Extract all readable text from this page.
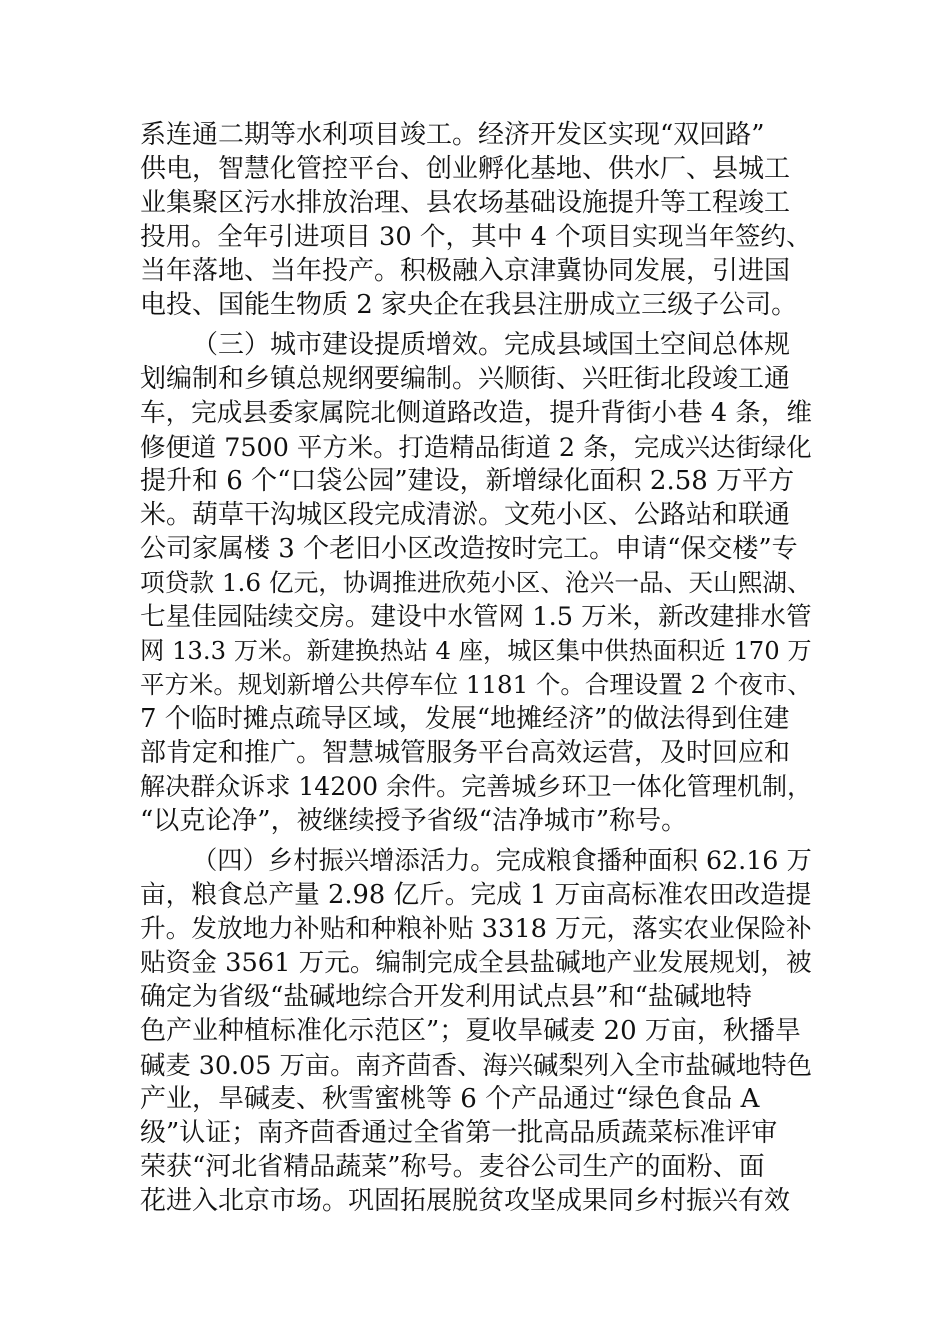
系连通二期等水利项目竣工。经济开发区实现“双回路”
供电，智慧化管控平台、创业孵化基地、供水厂、县城工
业集聚区污水排放治理、县农场基础设施提升等工程竣工
投用。全年引进项目 30 个，其中 4 个项目实现当年签约、
当年落地、当年投产。积极融入京津冀协同发展，引进国
电投、国能生物质 2 家央企在我县注册成立三级子公司。
（三）城市建设提质增效。完成县域国土空间总体规
划编制和乡镇总规纲要编制。兴顺街、兴旺街北段竣工通
车，完成县委家属院北侧道路改造，提升背街小巷 4 条，维
修便道 7500 平方米。打造精品街道 2 条，完成兴达街绿化
提升和 6 个“口袋公园”建设，新增绿化面积 2.58 万平方
米。葫草干沟城区段完成清淤。文苑小区、公路站和联通
公司家属楼 3 个老旧小区改造按时完工。申请“保交楼”专
项贷款 1.6 亿元，协调推进欣苑小区、沧兴一品、天山熙湖、
七星佳园陆续交房。建设中水管网 1.5 万米，新改建排水管
网 13.3 万米。新建换热站 4 座，城区集中供热面积近 170 万
平方米。规划新增公共停车位 1181 个。合理设置 2 个夜市、
7 个临时摊点疏导区域，发展“地摊经济”的做法得到住建
部肯定和推广。智慧城管服务平台高效运营，及时回应和
解决群众诉求 14200 余件。完善城乡环卫一体化管理机制，
“以克论净”，被继续授予省级“洁净城市”称号。
（四）乡村振兴增添活力。完成粮食播种面积 62.16 万
亩，粮食总产量 2.98 亿斤。完成 1 万亩高标准农田改造提
升。发放地力补贴和种粮补贴 3318 万元，落实农业保险补
贴资金 3561 万元。编制完成全县盐碱地产业发展规划，被
确定为省级“盐碱地综合开发利用试点县”和“盐碱地特
色产业种植标准化示范区”；夏收旱碱麦 20 万亩，秋播旱
碱麦 30.05 万亩。南齐茴香、海兴碱梨列入全市盐碱地特色
产业，旱碱麦、秋雪蜜桃等 6 个产品通过“绿色食品 A
级”认证；南齐茴香通过全省第一批高品质蔬菜标准评审
荣获“河北省精品蔬菜”称号。麦谷公司生产的面粉、面
花进入北京市场。巩固拓展脱贫攻坚成果同乡村振兴有效
